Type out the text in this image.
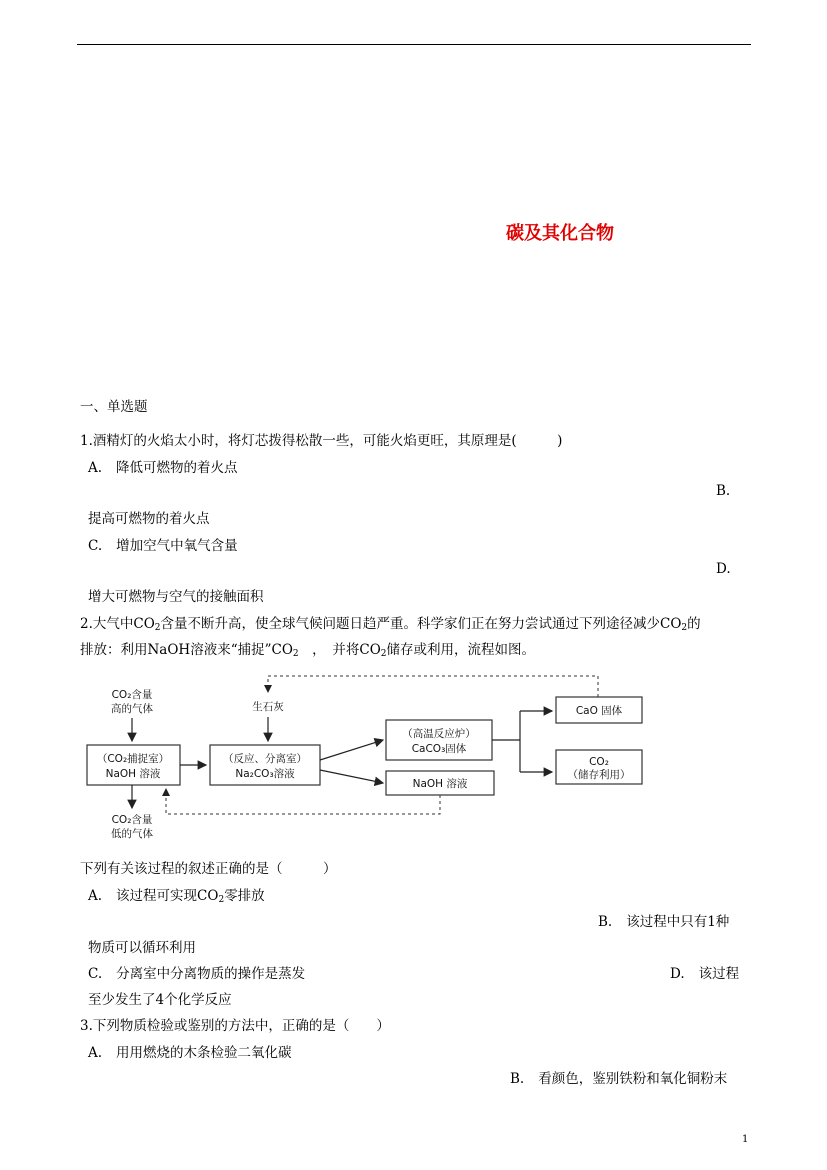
碳及其化合物
一、单选题
1.酒精灯的火焰太小时，将灯芯拨得松散一些，可能火焰更旺，其原理是(　　　)
A. 降低可燃物的着火点
B.
提高可燃物的着火点
C. 增加空气中氧气含量
D.
增大可燃物与空气的接触面积
2.大气中$CO_2$含量不断升高，使全球气候问题日趋严重。科学家们正在努力尝试通过下列途径减少$CO_2$的
排放：利用NaOH溶液来“捕捉$”CO_2$　，　并将$CO_2$储存或利用，流程如图。
CO₂含量
高的气体
（CO₂捕捉室）
NaOH 溶液
CO₂含量
低的气体
生石灰
（反应、分离室）
Na₂CO₃溶液
（高温反应炉）
CaCO₃固体
NaOH 溶液
CaO 固体
CO₂
（储存利用）
下列有关该过程的叙述正确的是（　　　）
A. 该过程可实现$CO_2$零排放
B. 该过程中只有1种
物质可以循环利用
C. 分离室中分离物质的操作是蒸发	D. 该过程
至少发生了4个化学反应
3.下列物质检验或鉴别的方法中，正确的是（　　）
A. 用用燃烧的木条检验二氧化碳
B. 看颜色，鉴别铁粉和氧化铜粉末
1
